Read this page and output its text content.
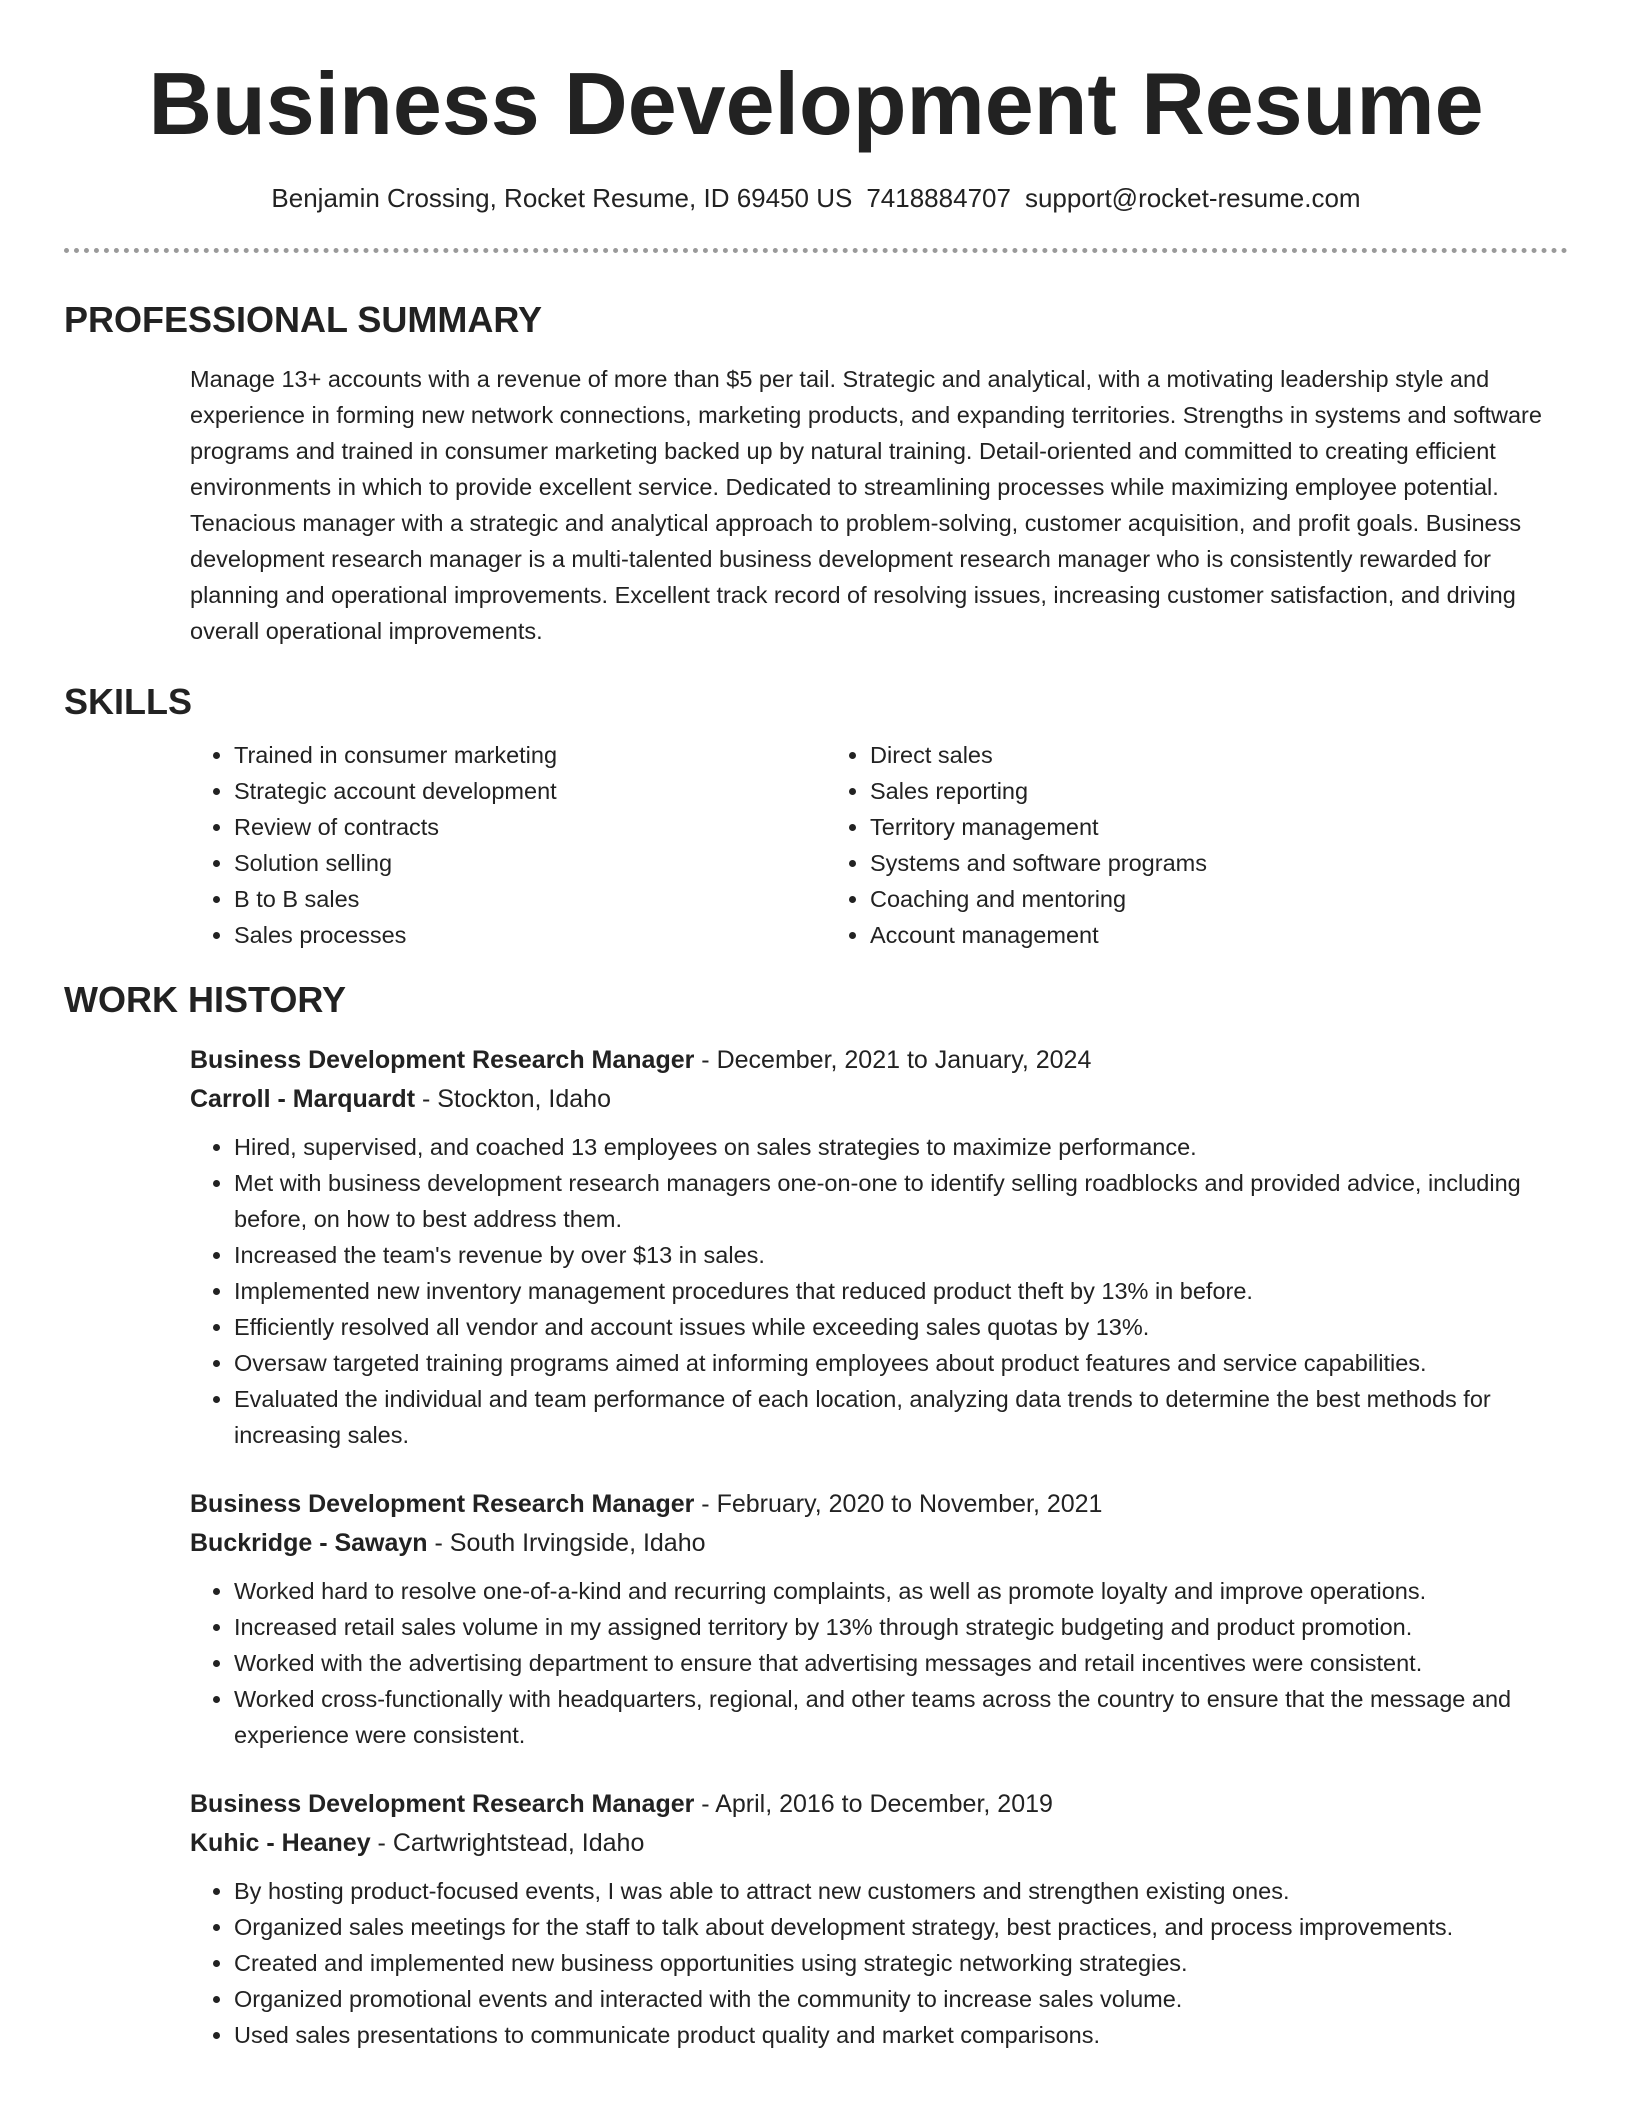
Business Development Resume
Benjamin Crossing, Rocket Resume, ID 69450 US 7418884707 support@rocket-resume.com
PROFESSIONAL SUMMARY

Manage 13+ accounts with a revenue of more than $5 per tail. Strategic and analytical, with a motivating leadership style and experience in forming new network connections, marketing products, and expanding territories. Strengths in systems and software programs and trained in consumer marketing backed up by natural training. Detail-oriented and committed to creating efficient environments in which to provide excellent service. Dedicated to streamlining processes while maximizing employee potential. Tenacious manager with a strategic and analytical approach to problem-solving, customer acquisition, and profit goals. Business development research manager is a multi-talented business development research manager who is consistently rewarded for planning and operational improvements. Excellent track record of resolving issues, increasing customer satisfaction, and driving overall operational improvements.

SKILLS
• Trained in consumer marketing
• Strategic account development
• Review of contracts
• Solution selling
• B to B sales
• Sales processes
• Direct sales
• Sales reporting
• Territory management
• Systems and software programs
• Coaching and mentoring
• Account management
WORK HISTORY
Business Development Research Manager - December, 2021 to January, 2024
Carroll - Marquardt - Stockton, Idaho
• Hired, supervised, and coached 13 employees on sales strategies to maximize performance.
• Met with business development research managers one-on-one to identify selling roadblocks and provided advice, including before, on how to best address them.
• Increased the team's revenue by over $13 in sales.
• Implemented new inventory management procedures that reduced product theft by 13% in before.
• Efficiently resolved all vendor and account issues while exceeding sales quotas by 13%.
• Oversaw targeted training programs aimed at informing employees about product features and service capabilities.
• Evaluated the individual and team performance of each location, analyzing data trends to determine the best methods for increasing sales.
Business Development Research Manager - February, 2020 to November, 2021
Buckridge - Sawayn - South Irvingside, Idaho
• Worked hard to resolve one-of-a-kind and recurring complaints, as well as promote loyalty and improve operations.
• Increased retail sales volume in my assigned territory by 13% through strategic budgeting and product promotion.
• Worked with the advertising department to ensure that advertising messages and retail incentives were consistent.
• Worked cross-functionally with headquarters, regional, and other teams across the country to ensure that the message and experience were consistent.
Business Development Research Manager - April, 2016 to December, 2019
Kuhic - Heaney - Cartwrightstead, Idaho
• By hosting product-focused events, I was able to attract new customers and strengthen existing ones.
• Organized sales meetings for the staff to talk about development strategy, best practices, and process improvements.
• Created and implemented new business opportunities using strategic networking strategies.
• Organized promotional events and interacted with the community to increase sales volume.
• Used sales presentations to communicate product quality and market comparisons.
